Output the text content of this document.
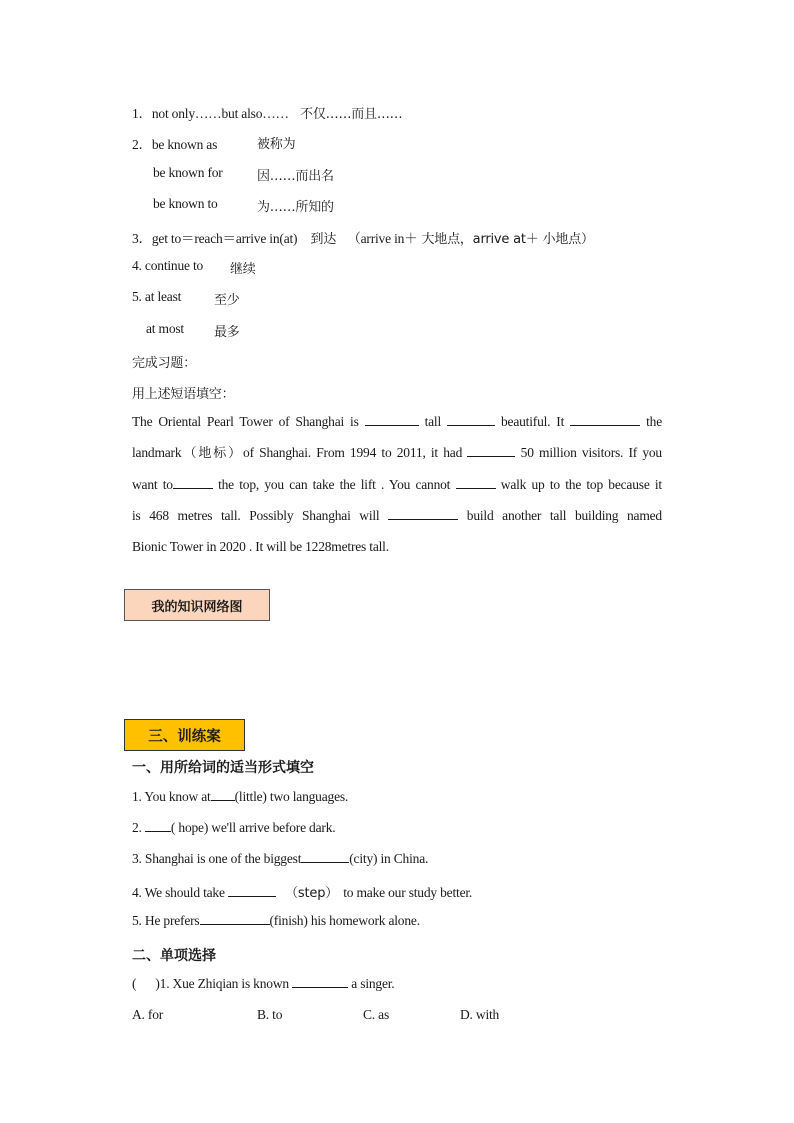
1．not only……but also…… 不仅……而且……
2．be known as	被称为
be known for	因……而出名
be known to	为……所知的
3．get to＝reach＝arrive in(at) 到达 （arrive in＋ 大地点，arrive at＋ 小地点）
4. continue to 继续
5. at least	至少
at most 最多
完成习题：
用上述短语填空：
The Oriental Pearl Tower of Shanghai is	tall	beautiful. It	the
landmark（地标）of Shanghai. From 1994 to 2011, it had	50 million visitors. If you
want to	the top, you can take the lift . You cannot	walk up to the top because it
is 468 metres tall. Possibly Shanghai will	build another tall building named
Bionic Tower in 2020 . It will be 1228metres tall.
我的知识网络图
三、训练案
一、用所给词的适当形式填空
1. You know at (little) two languages.
2. ( hope) we'll arrive before dark.
3. Shanghai is one of the biggest	(city) in China.
4. We should take	（step） to make our study better.
5. He prefers	(finish) his homework alone.
二、单项选择
(      )1. Xue Zhiqian is known	a singer.
A. for	B. to	C. as	D. with
